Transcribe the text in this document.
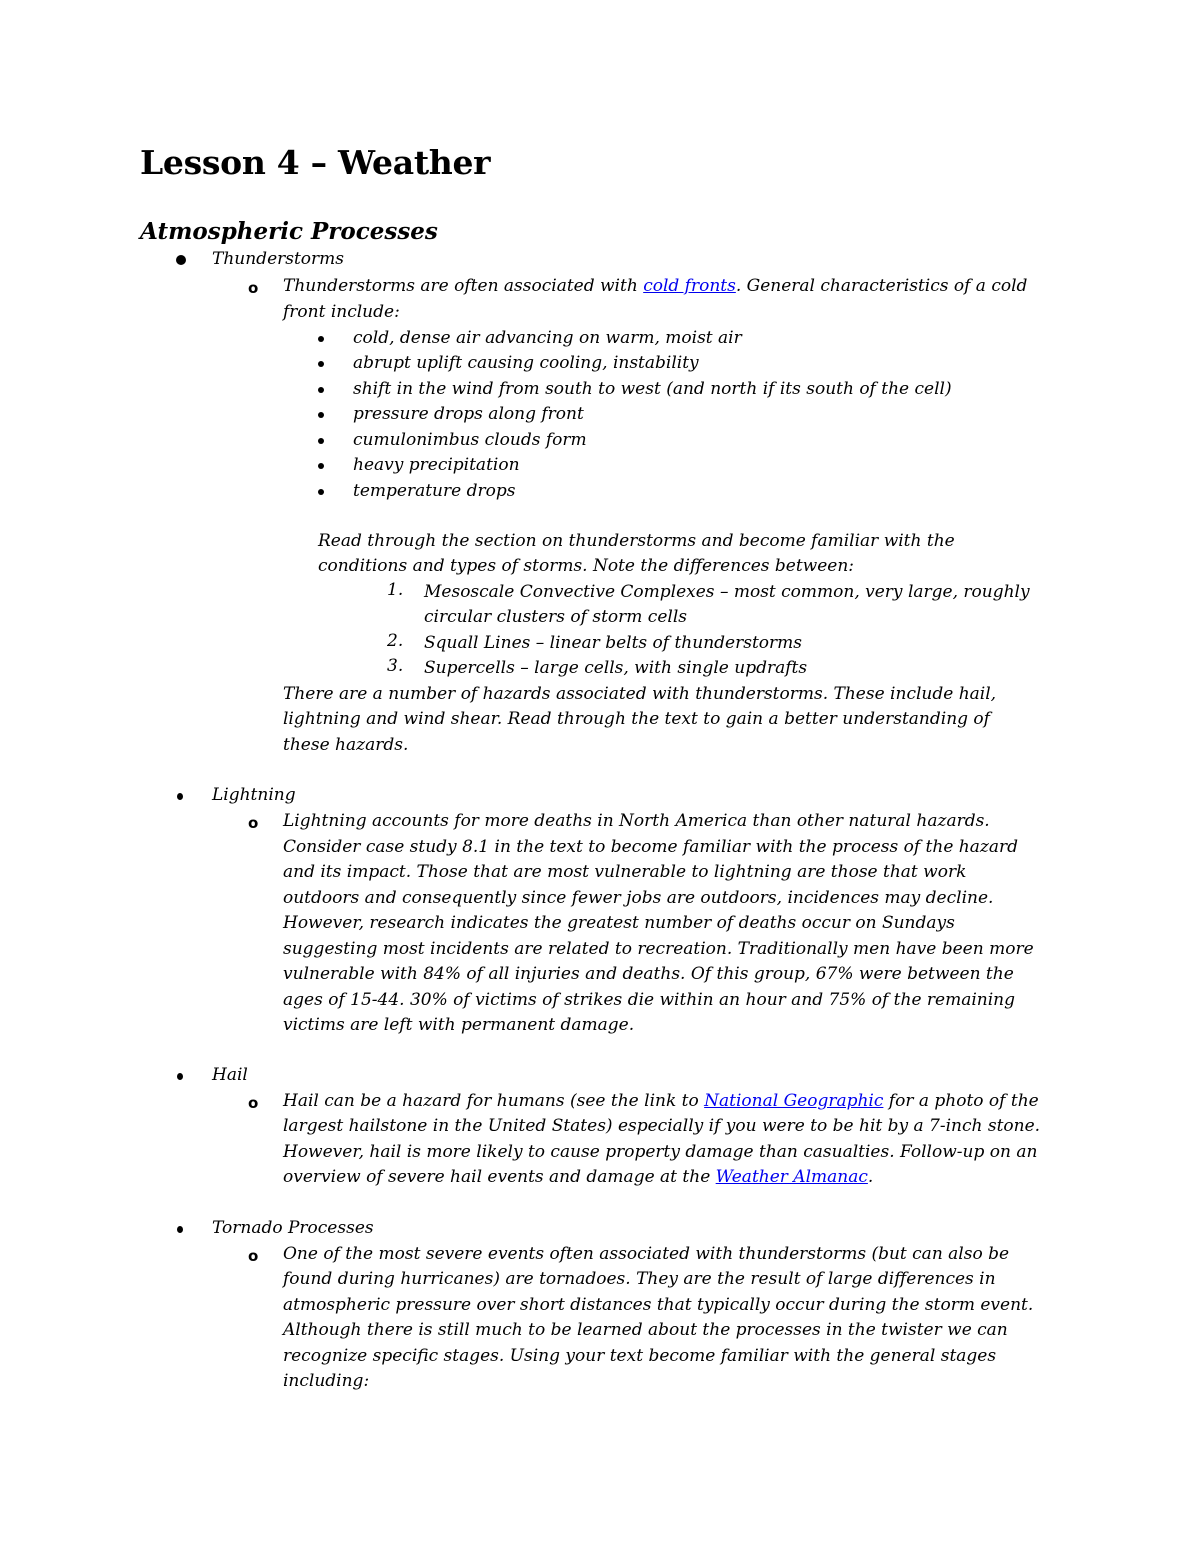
Lesson 4 – Weather
Atmospheric Processes
Thunderstorms
o Thunderstorms are often associated with cold fronts. General characteristics of a cold
front include:
cold, dense air advancing on warm, moist air
abrupt uplift causing cooling, instability
shift in the wind from south to west (and north if its south of the cell)
pressure drops along front
cumulonimbus clouds form
heavy precipitation
temperature drops
Read through the section on thunderstorms and become familiar with the
conditions and types of storms. Note the differences between:
1. Mesoscale Convective Complexes – most common, very large, roughly
circular clusters of storm cells
2. Squall Lines – linear belts of thunderstorms
3. Supercells – large cells, with single updrafts
There are a number of hazards associated with thunderstorms. These include hail,
lightning and wind shear. Read through the text to gain a better understanding of
these hazards.
Lightning
o Lightning accounts for more deaths in North America than other natural hazards.
Consider case study 8.1 in the text to become familiar with the process of the hazard
and its impact. Those that are most vulnerable to lightning are those that work
outdoors and consequently since fewer jobs are outdoors, incidences may decline.
However, research indicates the greatest number of deaths occur on Sundays
suggesting most incidents are related to recreation. Traditionally men have been more
vulnerable with 84% of all injuries and deaths. Of this group, 67% were between the
ages of 15-44. 30% of victims of strikes die within an hour and 75% of the remaining
victims are left with permanent damage.
Hail
o Hail can be a hazard for humans (see the link to National Geographic for a photo of the
largest hailstone in the United States) especially if you were to be hit by a 7-inch stone.
However, hail is more likely to cause property damage than casualties. Follow-up on an
overview of severe hail events and damage at the Weather Almanac.
Tornado Processes
o One of the most severe events often associated with thunderstorms (but can also be
found during hurricanes) are tornadoes. They are the result of large differences in
atmospheric pressure over short distances that typically occur during the storm event.
Although there is still much to be learned about the processes in the twister we can
recognize specific stages. Using your text become familiar with the general stages
including:
